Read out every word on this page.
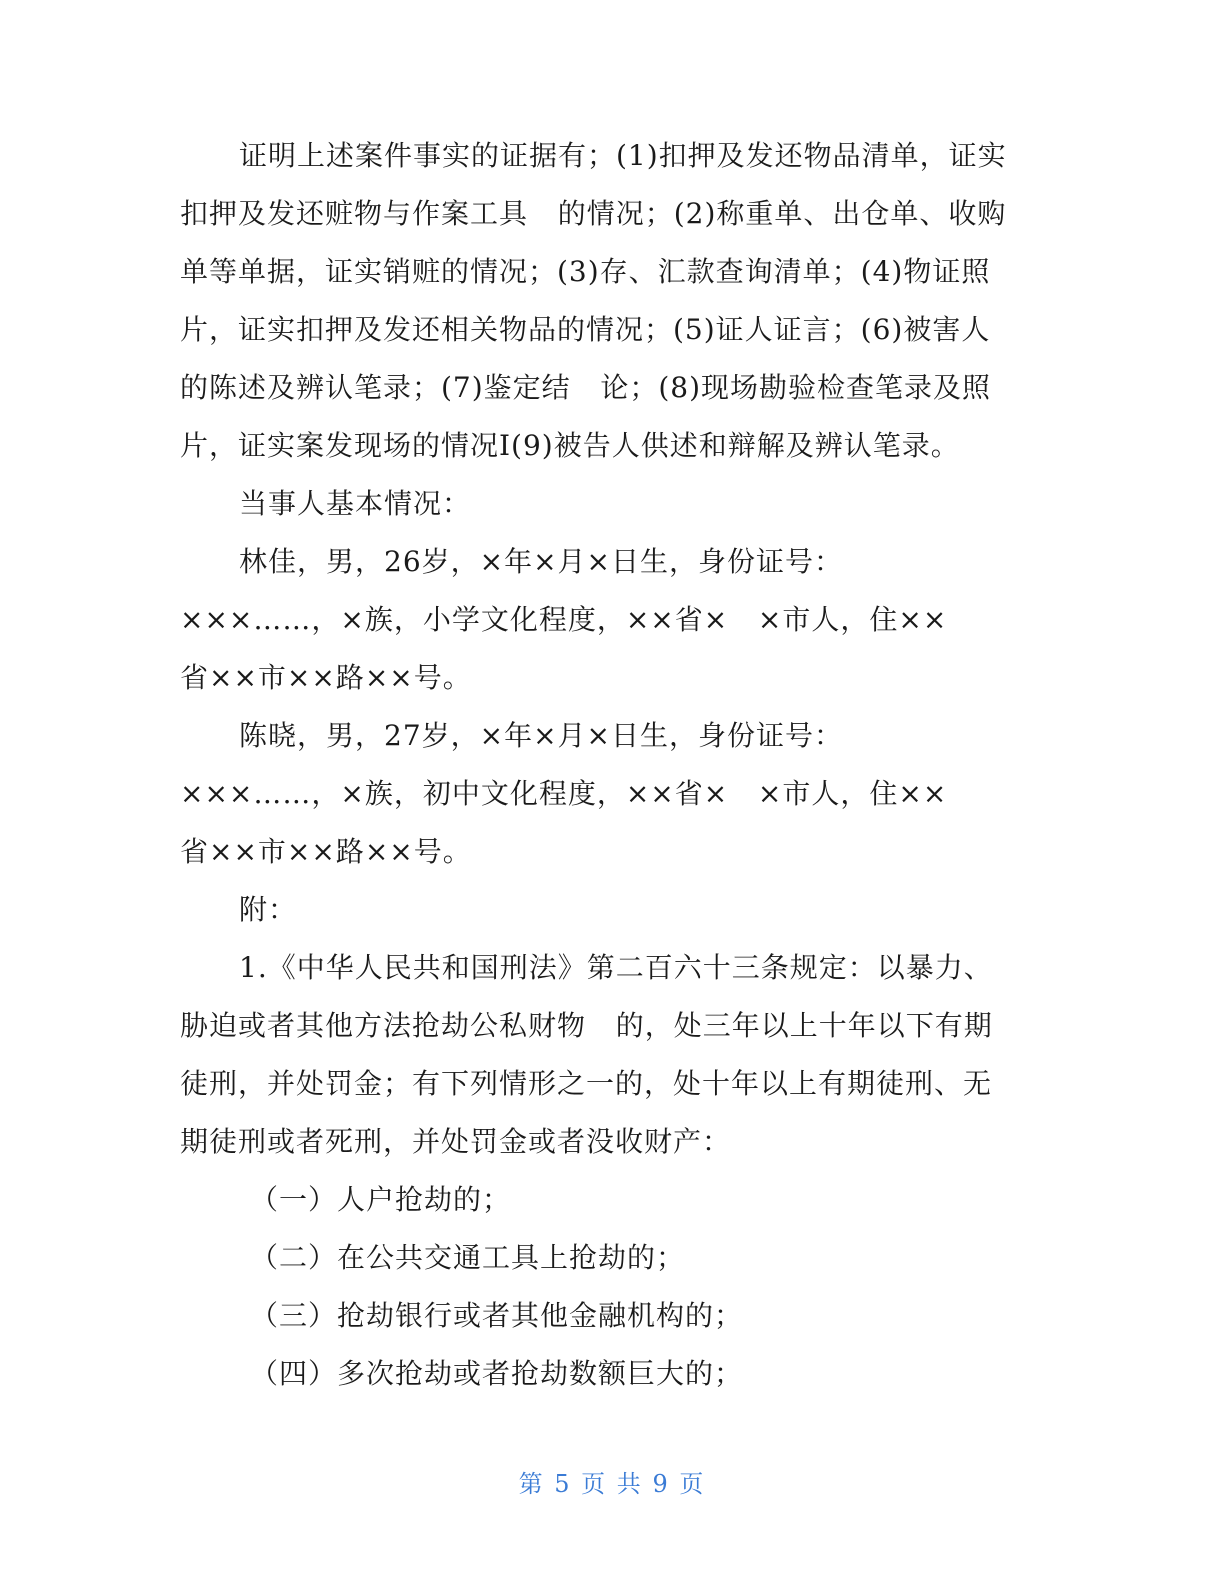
证明上述案件事实的证据有；(1)扣押及发还物品清单，证实
扣押及发还赃物与作案工具   的情况；(2)称重单、出仓单、收购
单等单据，证实销赃的情况；(3)存、汇款查询清单；(4)物证照
片，证实扣押及发还相关物品的情况；(5)证人证言；(6)被害人
的陈述及辨认笔录；(7)鉴定结   论；(8)现场勘验检查笔录及照
片，证实案发现场的情况Ⅰ(9)被告人供述和辩解及辨认笔录。
当事人基本情况：
林佳，男，26岁，×年×月×日生，身份证号：
×××……，×族，小学文化程度，××省×   ×市人，住××
省××市××路××号。
陈晓，男，27岁，×年×月×日生，身份证号：
×××……，×族，初中文化程度，××省×   ×市人，住××
省××市××路××号。
附：
1.《中华人民共和国刑法》第二百六十三条规定：以暴力、
胁迫或者其他方法抢劫公私财物   的，处三年以上十年以下有期
徒刑，并处罚金；有下列情形之一的，处十年以上有期徒刑、无
期徒刑或者死刑，并处罚金或者没收财产：
（一）人户抢劫的；
（二）在公共交通工具上抢劫的；
（三）抢劫银行或者其他金融机构的；
（四）多次抢劫或者抢劫数额巨大的；
第 5 页 共 9 页
